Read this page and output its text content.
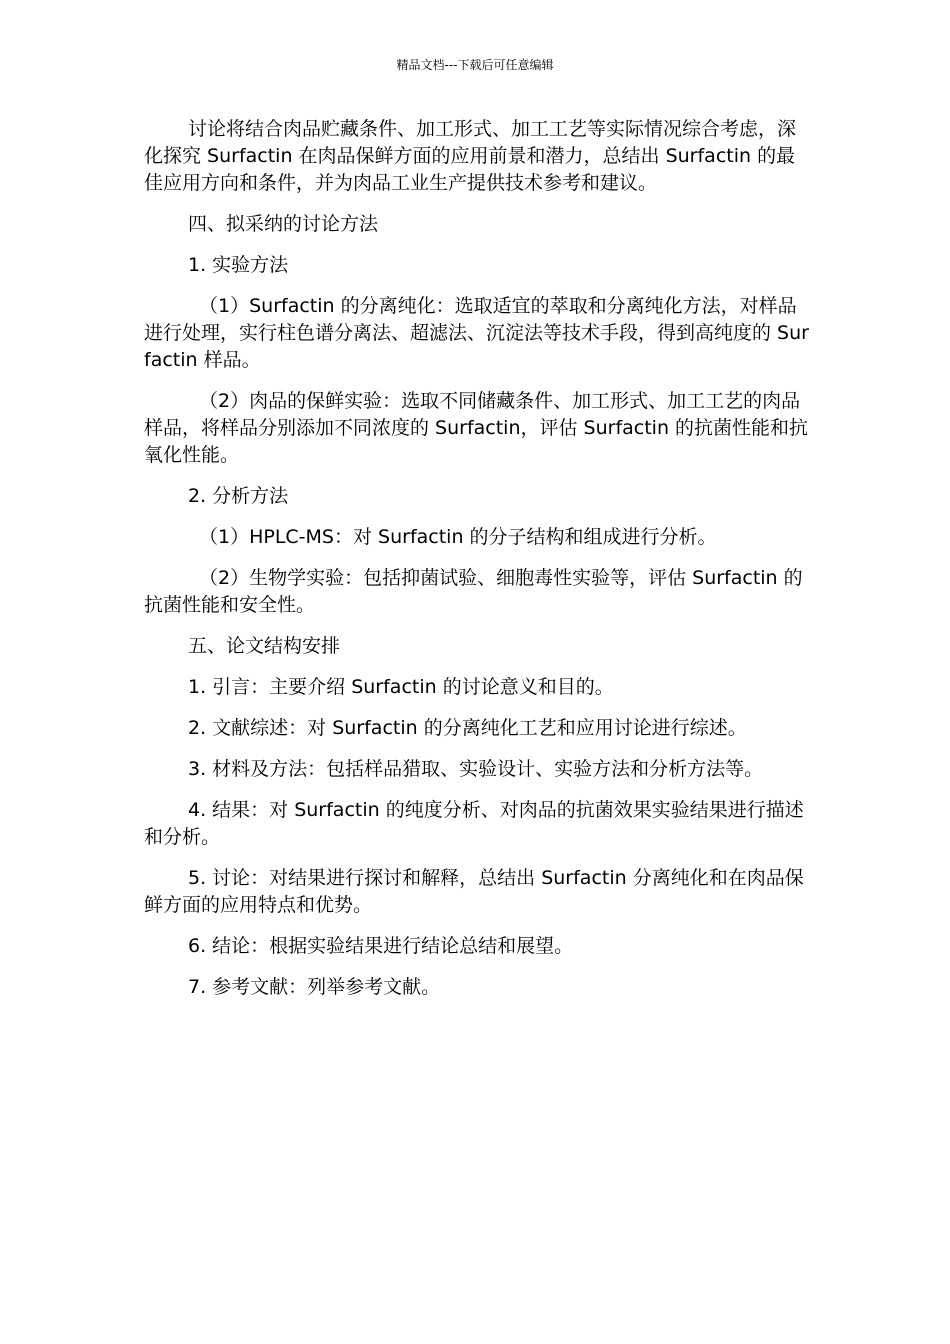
精品文档---下载后可任意编辑

讨论将结合肉品贮藏条件、加工形式、加工工艺等实际情况综合考虑，深化探究 Surfactin 在肉品保鲜方面的应用前景和潜力，总结出 Surfactin 的最佳应用方向和条件，并为肉品工业生产提供技术参考和建议。

四、拟采纳的讨论方法

1. 实验方法

（1）Surfactin 的分离纯化：选取适宜的萃取和分离纯化方法，对样品进行处理，实行柱色谱分离法、超滤法、沉淀法等技术手段，得到高纯度的 Surfactin 样品。

（2）肉品的保鲜实验：选取不同储藏条件、加工形式、加工工艺的肉品样品，将样品分别添加不同浓度的 Surfactin，评估 Surfactin 的抗菌性能和抗氧化性能。

2. 分析方法

（1）HPLC-MS：对 Surfactin 的分子结构和组成进行分析。

（2）生物学实验：包括抑菌试验、细胞毒性实验等，评估 Surfactin 的抗菌性能和安全性。

五、论文结构安排

1. 引言：主要介绍 Surfactin 的讨论意义和目的。

2. 文献综述：对 Surfactin 的分离纯化工艺和应用讨论进行综述。

3. 材料及方法：包括样品猎取、实验设计、实验方法和分析方法等。

4. 结果：对 Surfactin 的纯度分析、对肉品的抗菌效果实验结果进行描述和分析。

5. 讨论：对结果进行探讨和解释，总结出 Surfactin 分离纯化和在肉品保鲜方面的应用特点和优势。

6. 结论：根据实验结果进行结论总结和展望。

7. 参考文献：列举参考文献。
